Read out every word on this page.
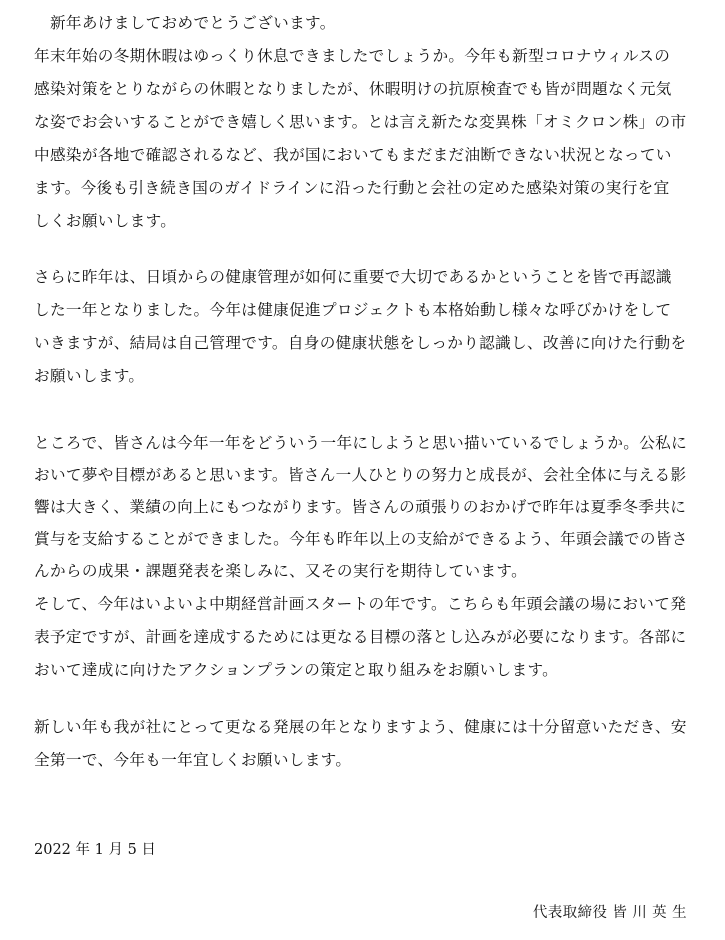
　新年あけましておめでとうございます。
年末年始の冬期休暇はゆっくり休息できましたでしょうか。今年も新型コロナウィルスの
感染対策をとりながらの休暇となりましたが、休暇明けの抗原検査でも皆が問題なく元気
な姿でお会いすることができ嬉しく思います。とは言え新たな変異株「オミクロン株」の市
中感染が各地で確認されるなど、我が国においてもまだまだ油断できない状況となってい
ます。今後も引き続き国のガイドラインに沿った行動と会社の定めた感染対策の実行を宜
しくお願いします。
さらに昨年は、日頃からの健康管理が如何に重要で大切であるかということを皆で再認識
した一年となりました。今年は健康促進プロジェクトも本格始動し様々な呼びかけをして
いきますが、結局は自己管理です。自身の健康状態をしっかり認識し、改善に向けた行動を
お願いします。
ところで、皆さんは今年一年をどういう一年にしようと思い描いているでしょうか。公私に
おいて夢や目標があると思います。皆さん一人ひとりの努力と成長が、会社全体に与える影
響は大きく、業績の向上にもつながります。皆さんの頑張りのおかげで昨年は夏季冬季共に
賞与を支給することができました。今年も昨年以上の支給ができるよう、年頭会議での皆さ
んからの成果・課題発表を楽しみに、又その実行を期待しています。
そして、今年はいよいよ中期経営計画スタートの年です。こちらも年頭会議の場において発
表予定ですが、計画を達成するためには更なる目標の落とし込みが必要になります。各部に
おいて達成に向けたアクションプランの策定と取り組みをお願いします。
新しい年も我が社にとって更なる発展の年となりますよう、健康には十分留意いただき、安
全第一で、今年も一年宜しくお願いします。
2022 年 1 月 5 日
代表取締役 皆 川 英 生
